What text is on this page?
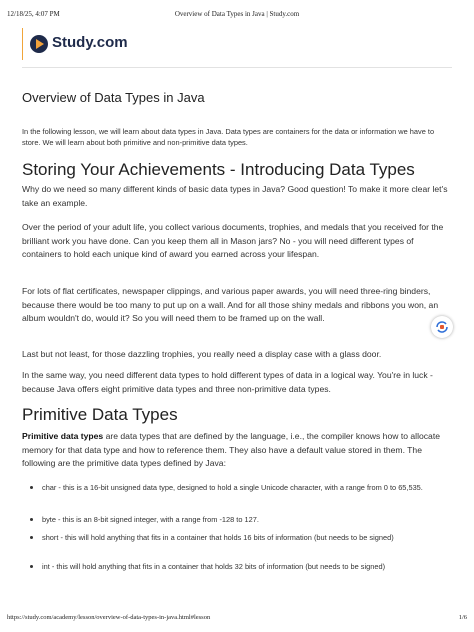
12/18/25, 4:07 PM	Overview of Data Types in Java | Study.com
Study.com
Overview of Data Types in Java
In the following lesson, we will learn about data types in Java. Data types are containers for the data or information we have to store. We will learn about both primitive and non-primitive data types.
Storing Your Achievements - Introducing Data Types
Why do we need so many different kinds of basic data types in Java? Good question! To make it more clear let's take an example.
Over the period of your adult life, you collect various documents, trophies, and medals that you received for the brilliant work you have done. Can you keep them all in Mason jars? No - you will need different types of containers to hold each unique kind of award you earned across your lifespan.
For lots of flat certificates, newspaper clippings, and various paper awards, you will need three-ring binders, because there would be too many to put up on a wall. And for all those shiny medals and ribbons you won, an album wouldn't do, would it? So you will need them to be framed up on the wall.
Last but not least, for those dazzling trophies, you really need a display case with a glass door.
In the same way, you need different data types to hold different types of data in a logical way. You're in luck - because Java offers eight primitive data types and three non-primitive data types.
Primitive Data Types
Primitive data types are data types that are defined by the language, i.e., the compiler knows how to allocate memory for that data type and how to reference them. They also have a default value stored in them. The following are the primitive data types defined by Java:
char - this is a 16-bit unsigned data type, designed to hold a single Unicode character, with a range from 0 to 65,535.
byte - this is an 8-bit signed integer, with a range from -128 to 127.
short - this will hold anything that fits in a container that holds 16 bits of information (but needs to be signed)
int - this will hold anything that fits in a container that holds 32 bits of information (but needs to be signed)
https://study.com/academy/lesson/overview-of-data-types-in-java.html#lesson	1/6
